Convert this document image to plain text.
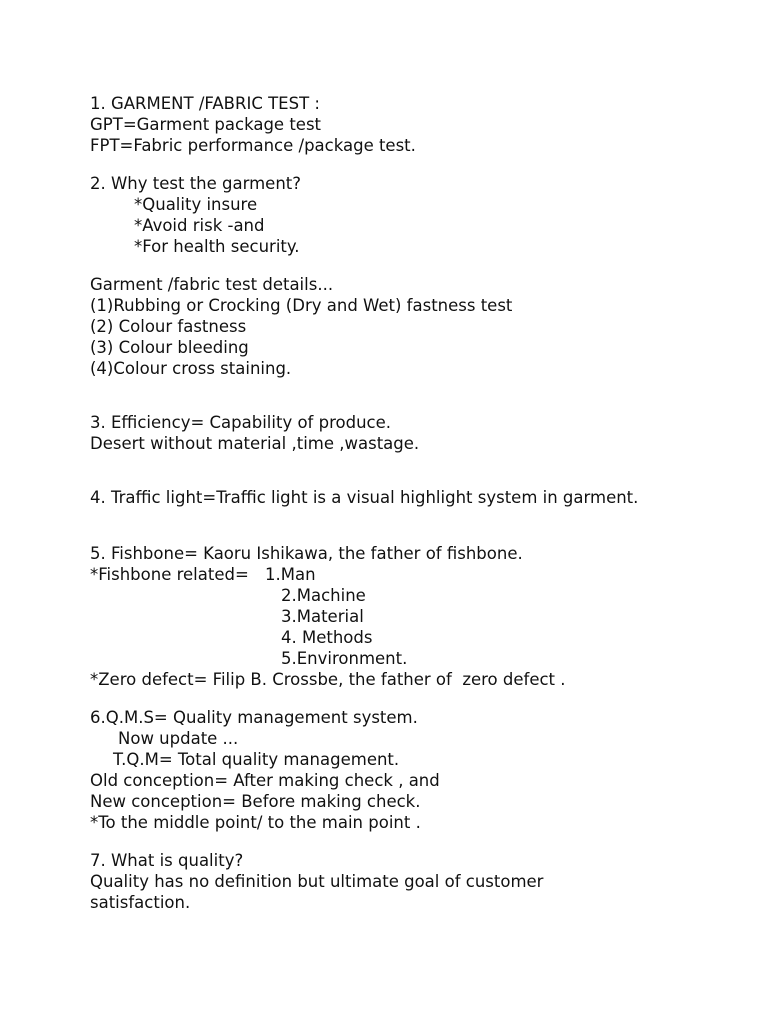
1. GARMENT /FABRIC TEST :

GPT=Garment package test

FPT=Fabric performance /package test.

2. Why test the garment?

*Quality insure

*Avoid risk -and

*For health security.

Garment /fabric test details...

(1)Rubbing or Crocking (Dry and Wet) fastness test

(2) Colour fastness

(3) Colour bleeding

(4)Colour cross staining.

3. Efficiency= Capability of produce.

Desert without material ,time ,wastage.

4. Traffic light=Traffic light is a visual highlight system in garment.

5. Fishbone= Kaoru Ishikawa, the father of fishbone.

*Fishbone related= 1.Man

2.Machine

3.Material

4. Methods

5.Environment.

*Zero defect= Filip B. Crossbe, the father of  zero defect .

6.Q.M.S= Quality management system.

Now update ...

T.Q.M= Total quality management.

Old conception= After making check , and

New conception= Before making check.

*To the middle point/ to the main point .

7. What is quality?

Quality has no definition but ultimate goal of customer

satisfaction.
